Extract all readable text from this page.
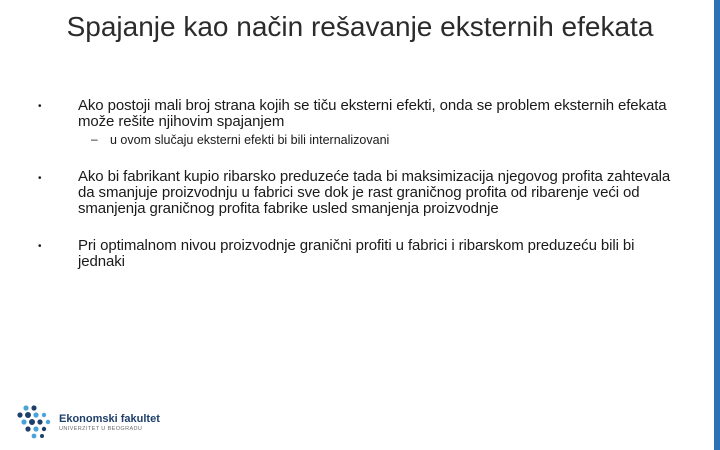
Spajanje kao način rešavanje eksternih efekata
• Ako postoji mali broj strana kojih se tiču eksterni efekti, onda se problem eksternih efekata može rešite njihovim spajanjem
– u ovom slučaju eksterni efekti bi bili internalizovani
• Ako bi fabrikant kupio ribarsko preduzeće tada bi maksimizacija njegovog profita zahtevala da smanjuje proizvodnju u fabrici sve dok je rast graničnog profita od ribarenje veći od smanjenja graničnog profita fabrike usled smanjenja proizvodnje
• Pri optimalnom nivou proizvodnje granični profiti u fabrici i ribarskom preduzeću bili bi jednaki
Ekonomski fakultet
UNIVERZITET U BEOGRADU
